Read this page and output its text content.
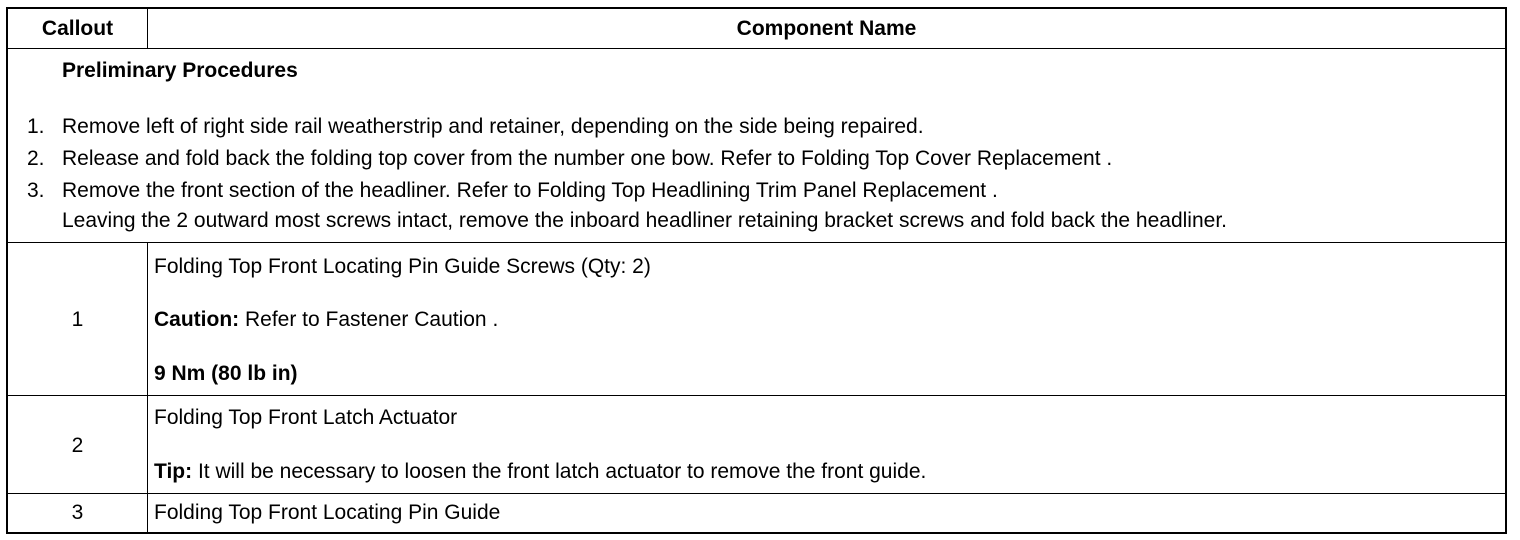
Callout	Component Name
Preliminary Procedures
1. Remove left of right side rail weatherstrip and retainer, depending on the side being repaired.
2. Release and fold back the folding top cover from the number one bow. Refer to Folding Top Cover Replacement .
3. Remove the front section of the headliner. Refer to Folding Top Headlining Trim Panel Replacement .
Leaving the 2 outward most screws intact, remove the inboard headliner retaining bracket screws and fold back the headliner.
1
Folding Top Front Locating Pin Guide Screws (Qty: 2)
Caution: Refer to Fastener Caution .
9 Nm (80 lb in)
2
Folding Top Front Latch Actuator
Tip: It will be necessary to loosen the front latch actuator to remove the front guide.
3	Folding Top Front Locating Pin Guide
